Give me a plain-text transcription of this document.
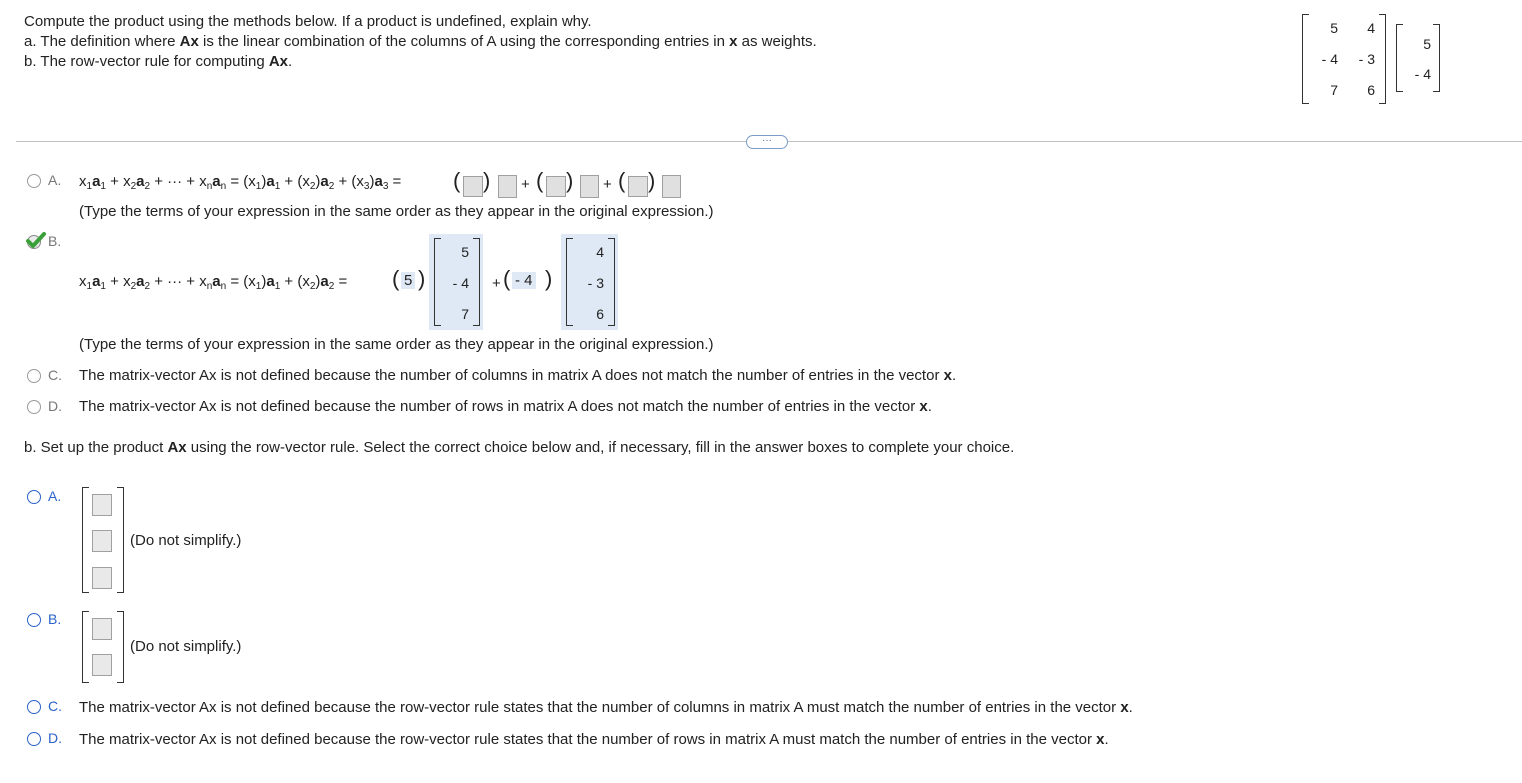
Compute the product using the methods below. If a product is undefined, explain why.
a. The definition where Ax is the linear combination of the columns of A using the corresponding entries in x as weights.
b. The row-vector rule for computing Ax.
5 4
- 4 - 3
7 6
5
- 4
···
A. $x_1a_1 + x_2a_2$ + ··· + $x_na_n = (x_1)a_1 + (x_2)a_2 + (x_3)a_3$ = ( ) + ( ) + ( )
(Type the terms of your expression in the same order as they appear in the original expression.)
B.
$x_1a_1 + x_2a_2$ + ··· + $x_na_n = (x_1)a_1 + (x_2)a_2$ = ( 5 )
5
- 4
7
+ ( - 4 )
4
- 3
6
(Type the terms of your expression in the same order as they appear in the original expression.)
C. The matrix-vector Ax is not defined because the number of columns in matrix A does not match the number of entries in the vector x.
D. The matrix-vector Ax is not defined because the number of rows in matrix A does not match the number of entries in the vector x.
b. Set up the product Ax using the row-vector rule. Select the correct choice below and, if necessary, fill in the answer boxes to complete your choice.
A.
(Do not simplify.)
B.
(Do not simplify.)
C. The matrix-vector Ax is not defined because the row-vector rule states that the number of columns in matrix A must match the number of entries in the vector x.
D. The matrix-vector Ax is not defined because the row-vector rule states that the number of rows in matrix A must match the number of entries in the vector x.
